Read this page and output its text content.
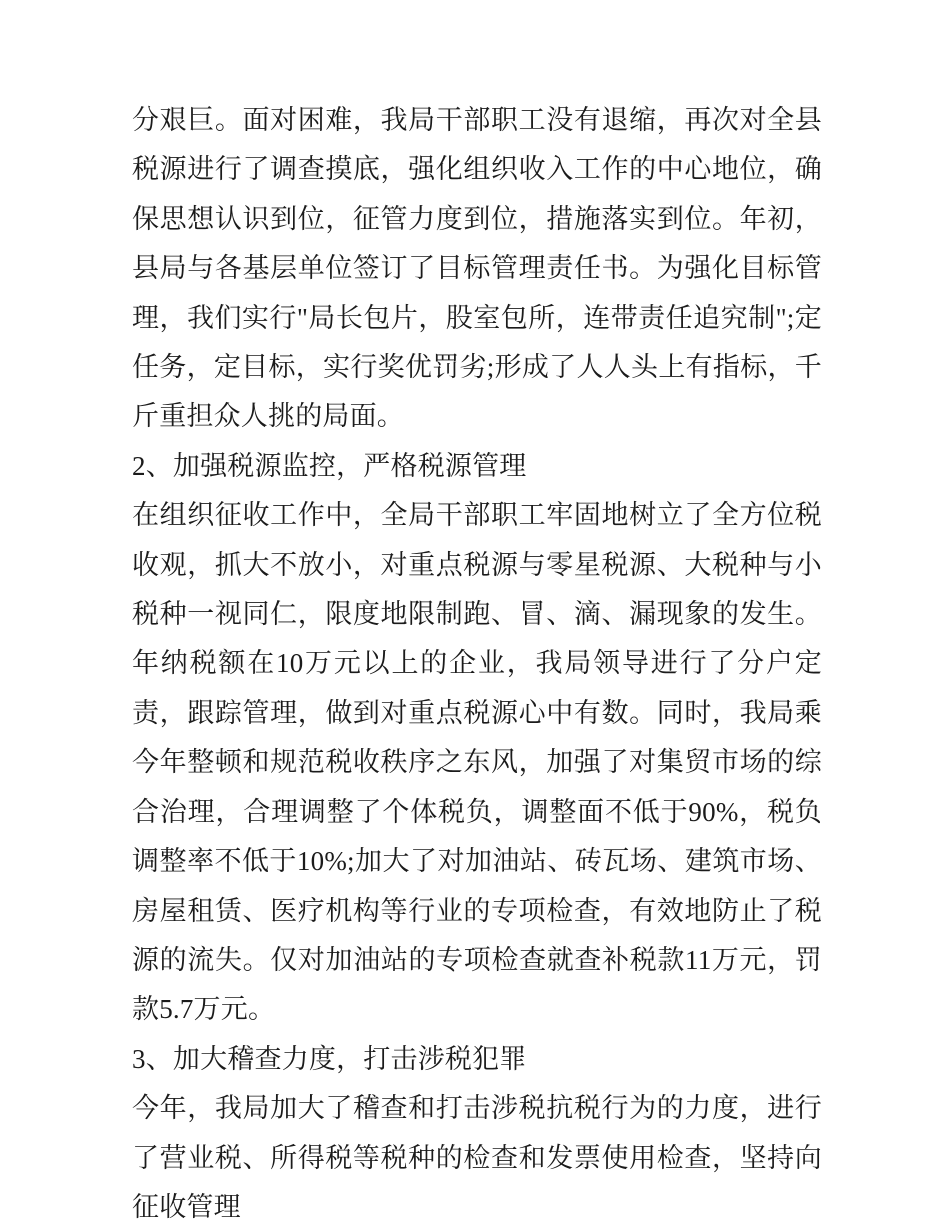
分艰巨。面对困难，我局干部职工没有退缩，再次对全县税源进行了调查摸底，强化组织收入工作的中心地位，确保思想认识到位，征管力度到位，措施落实到位。年初，县局与各基层单位签订了目标管理责任书。为强化目标管理，我们实行"局长包片，股室包所，连带责任追究制";定任务，定目标，实行奖优罚劣;形成了人人头上有指标，千斤重担众人挑的局面。

2、加强税源监控，严格税源管理

在组织征收工作中，全局干部职工牢固地树立了全方位税收观，抓大不放小，对重点税源与零星税源、大税种与小税种一视同仁，限度地限制跑、冒、滴、漏现象的发生。年纳税额在10万元以上的企业，我局领导进行了分户定责，跟踪管理，做到对重点税源心中有数。同时，我局乘今年整顿和规范税收秩序之东风，加强了对集贸市场的综合治理，合理调整了个体税负，调整面不低于90%，税负调整率不低于10%;加大了对加油站、砖瓦场、建筑市场、房屋租赁、医疗机构等行业的专项检查，有效地防止了税源的流失。仅对加油站的专项检查就查补税款11万元，罚款5.7万元。

3、加大稽查力度，打击涉税犯罪

今年，我局加大了稽查和打击涉税抗税行为的力度，进行了营业税、所得税等税种的检查和发票使用检查，坚持向征收管理
